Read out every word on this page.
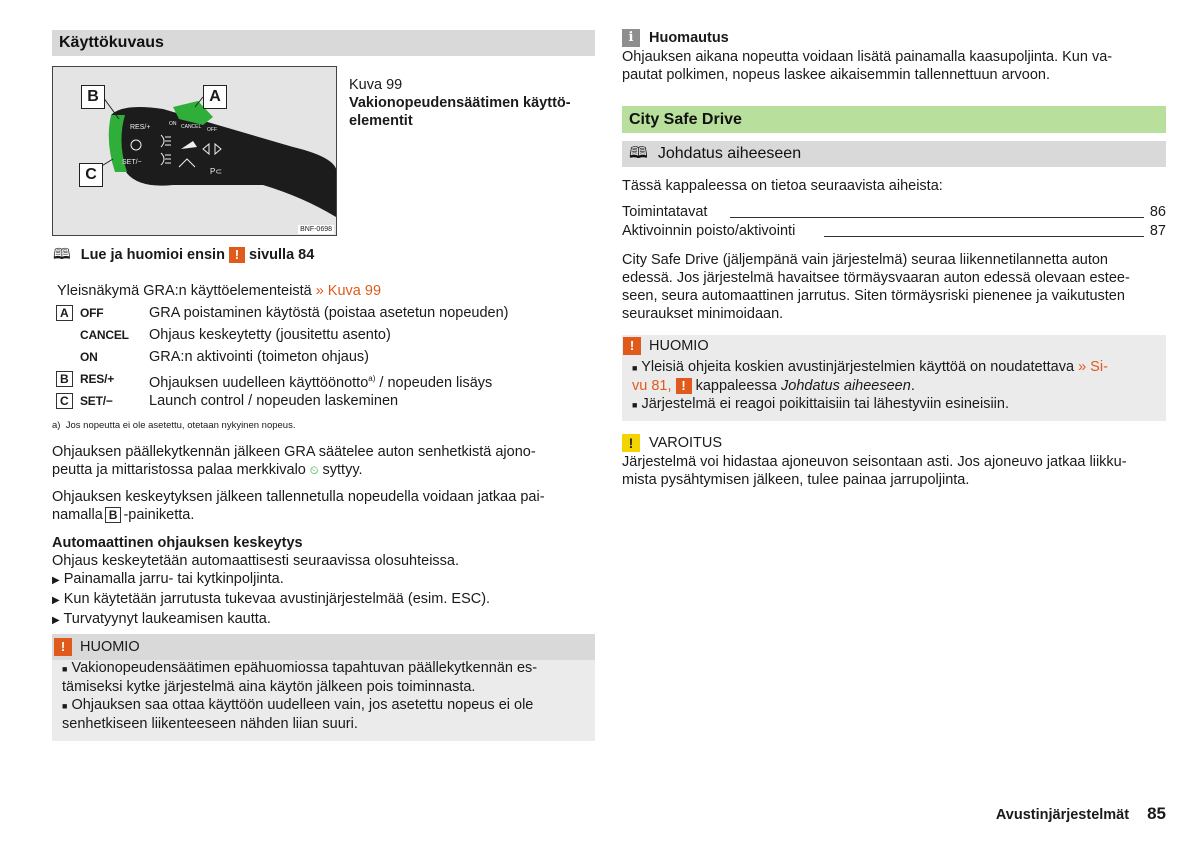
Käyttökuvaus
RES/+	ON CANCEL OFF
SET/−
P⊂
B	A
C
BNF-0698

Kuva 99

Vakionopeudensäätimen käyttö-

elementit

🕮 Lue ja huomioi ensin ! sivulla 84
Yleisnäkymä GRA:n käyttöelementeistä » Kuva 99
A OFF	GRA poistaminen käytöstä (poistaa asetetun nopeuden)
CANCEL Ohjaus keskeytetty (jousitettu asento)
ON	GRA:n aktivointi (toimeton ohjaus)
B RES/+ Ohjauksen uudelleen käyttöönotto$^{a)}$ / nopeuden lisäys
C SET/−	Launch control / nopeuden laskeminen
a) Jos nopeutta ei ole asetettu, otetaan nykyinen nopeus.

Ohjauksen päällekytkennän jälkeen GRA säätelee auton senhetkistä ajono-

peutta ja mittaristossa palaa merkkivalo ⏲ syttyy.

Ohjauksen keskeytyksen jälkeen tallennetulla nopeudella voidaan jatkaa pai-

namalla B -painiketta.

Automaattinen ohjauksen keskeytys

Ohjaus keskeytetään automaattisesti seuraavissa olosuhteissa.

▶ Painamalla jarru- tai kytkinpoljinta.

▶ Kun käytetään jarrutusta tukevaa avustinjärjestelmää (esim. ESC).

▶ Turvatyynyt laukeamisen kautta.

!	HUOMIO

■ Vakionopeudensäätimen epähuomiossa tapahtuvan päällekytkennän es-

tämiseksi kytke järjestelmä aina käytön jälkeen pois toiminnasta.

■ Ohjauksen saa ottaa käyttöön uudelleen vain, jos asetettu nopeus ei ole

senhetkiseen liikenteeseen nähden liian suuri.

i	Huomautus

Ohjauksen aikana nopeutta voidaan lisätä painamalla kaasupoljinta. Kun va-

pautat polkimen, nopeus laskee aikaisemmin tallennettuun arvoon.

City Safe Drive
🕮 Johdatus aiheeseen
Tässä kappaleessa on tietoa seuraavista aiheista:
Toimintatavat	86
Aktivoinnin poisto/aktivointi	87

City Safe Drive (jäljempänä vain järjestelmä) seuraa liikennetilannetta auton

edessä. Jos järjestelmä havaitsee törmäysvaaran auton edessä olevaan estee-

seen, seura automaattinen jarrutus. Siten törmäysriski pienenee ja vaikutusten

seuraukset minimoidaan.

!	HUOMIO

■ Yleisiä ohjeita koskien avustinjärjestelmien käyttöä on noudatettava » Si-

vu 81, ! kappaleessa Johdatus aiheeseen.

■ Järjestelmä ei reagoi poikittaisiin tai lähestyviin esineisiin.

!	VAROITUS

Järjestelmä voi hidastaa ajoneuvon seisontaan asti. Jos ajoneuvo jatkaa liikku-

mista pysähtymisen jälkeen, tulee painaa jarrupoljinta.

Avustinjärjestelmät 85
